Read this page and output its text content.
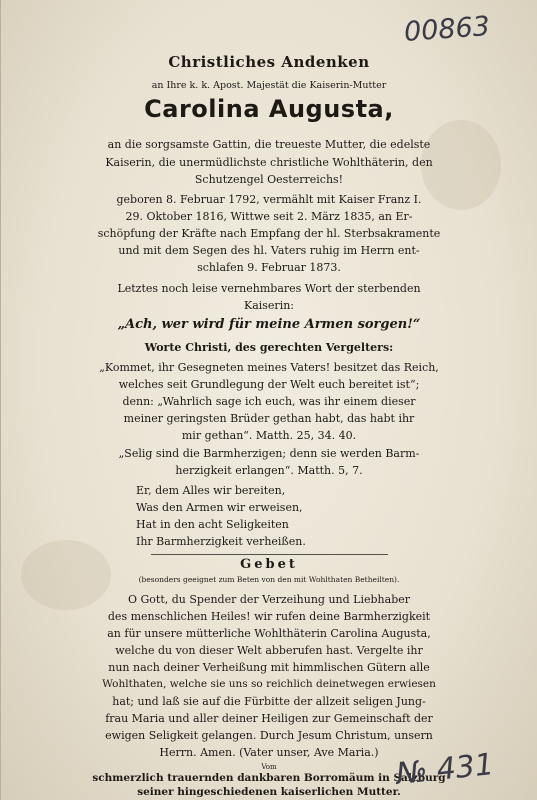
00863
Christliches Andenken
an Ihre k. k. Apost. Majestät die Kaiserin-Mutter
Carolina Augusta,
an die sorgsamste Gattin, die treueste Mutter, die edelste
Kaiserin, die unermüdlichste christliche Wohlthäterin, den
Schutzengel Oesterreichs!
geboren 8. Februar 1792, vermählt mit Kaiser Franz I.
29. Oktober 1816, Wittwe seit 2. März 1835, an Er-
schöpfung der Kräfte nach Empfang der hl. Sterbsakramente
und mit dem Segen des hl. Vaters ruhig im Herrn ent-
schlafen 9. Februar 1873.
Letztes noch leise vernehmbares Wort der sterbenden
Kaiserin:
„Ach, wer wird für meine Armen sorgen!“
Worte Christi, des gerechten Vergelters:
„Kommet, ihr Gesegneten meines Vaters! besitzet das Reich,
welches seit Grundlegung der Welt euch bereitet ist“;
denn: „Wahrlich sage ich euch, was ihr einem dieser
meiner geringsten Brüder gethan habt, das habt ihr
mir gethan“. Matth. 25, 34. 40.
„Selig sind die Barmherzigen; denn sie werden Barm-
herzigkeit erlangen“. Matth. 5, 7.
Er, dem Alles wir bereiten,
Was den Armen wir erweisen,
Hat in den acht Seligkeiten
Ihr Barmherzigkeit verheißen.
Gebet
(besonders geeignet zum Beten von den mit Wohlthaten Betheilten).
O Gott, du Spender der Verzeihung und Liebhaber
des menschlichen Heiles! wir rufen deine Barmherzigkeit
an für unsere mütterliche Wohlthäterin Carolina Augusta,
welche du von dieser Welt abberufen hast. Vergelte ihr
nun nach deiner Verheißung mit himmlischen Gütern alle
Wohlthaten, welche sie uns so reichlich deinetwegen erwiesen
hat; und laß sie auf die Fürbitte der allzeit seligen Jung-
frau Maria und aller deiner Heiligen zur Gemeinschaft der
ewigen Seligkeit gelangen. Durch Jesum Christum, unsern
Herrn. Amen. (Vater unser, Ave Maria.)
Vom
schmerzlich trauernden dankbaren Borromäum in Salzburg
seiner hingeschiedenen kaiserlichen Mutter.
№ 431
